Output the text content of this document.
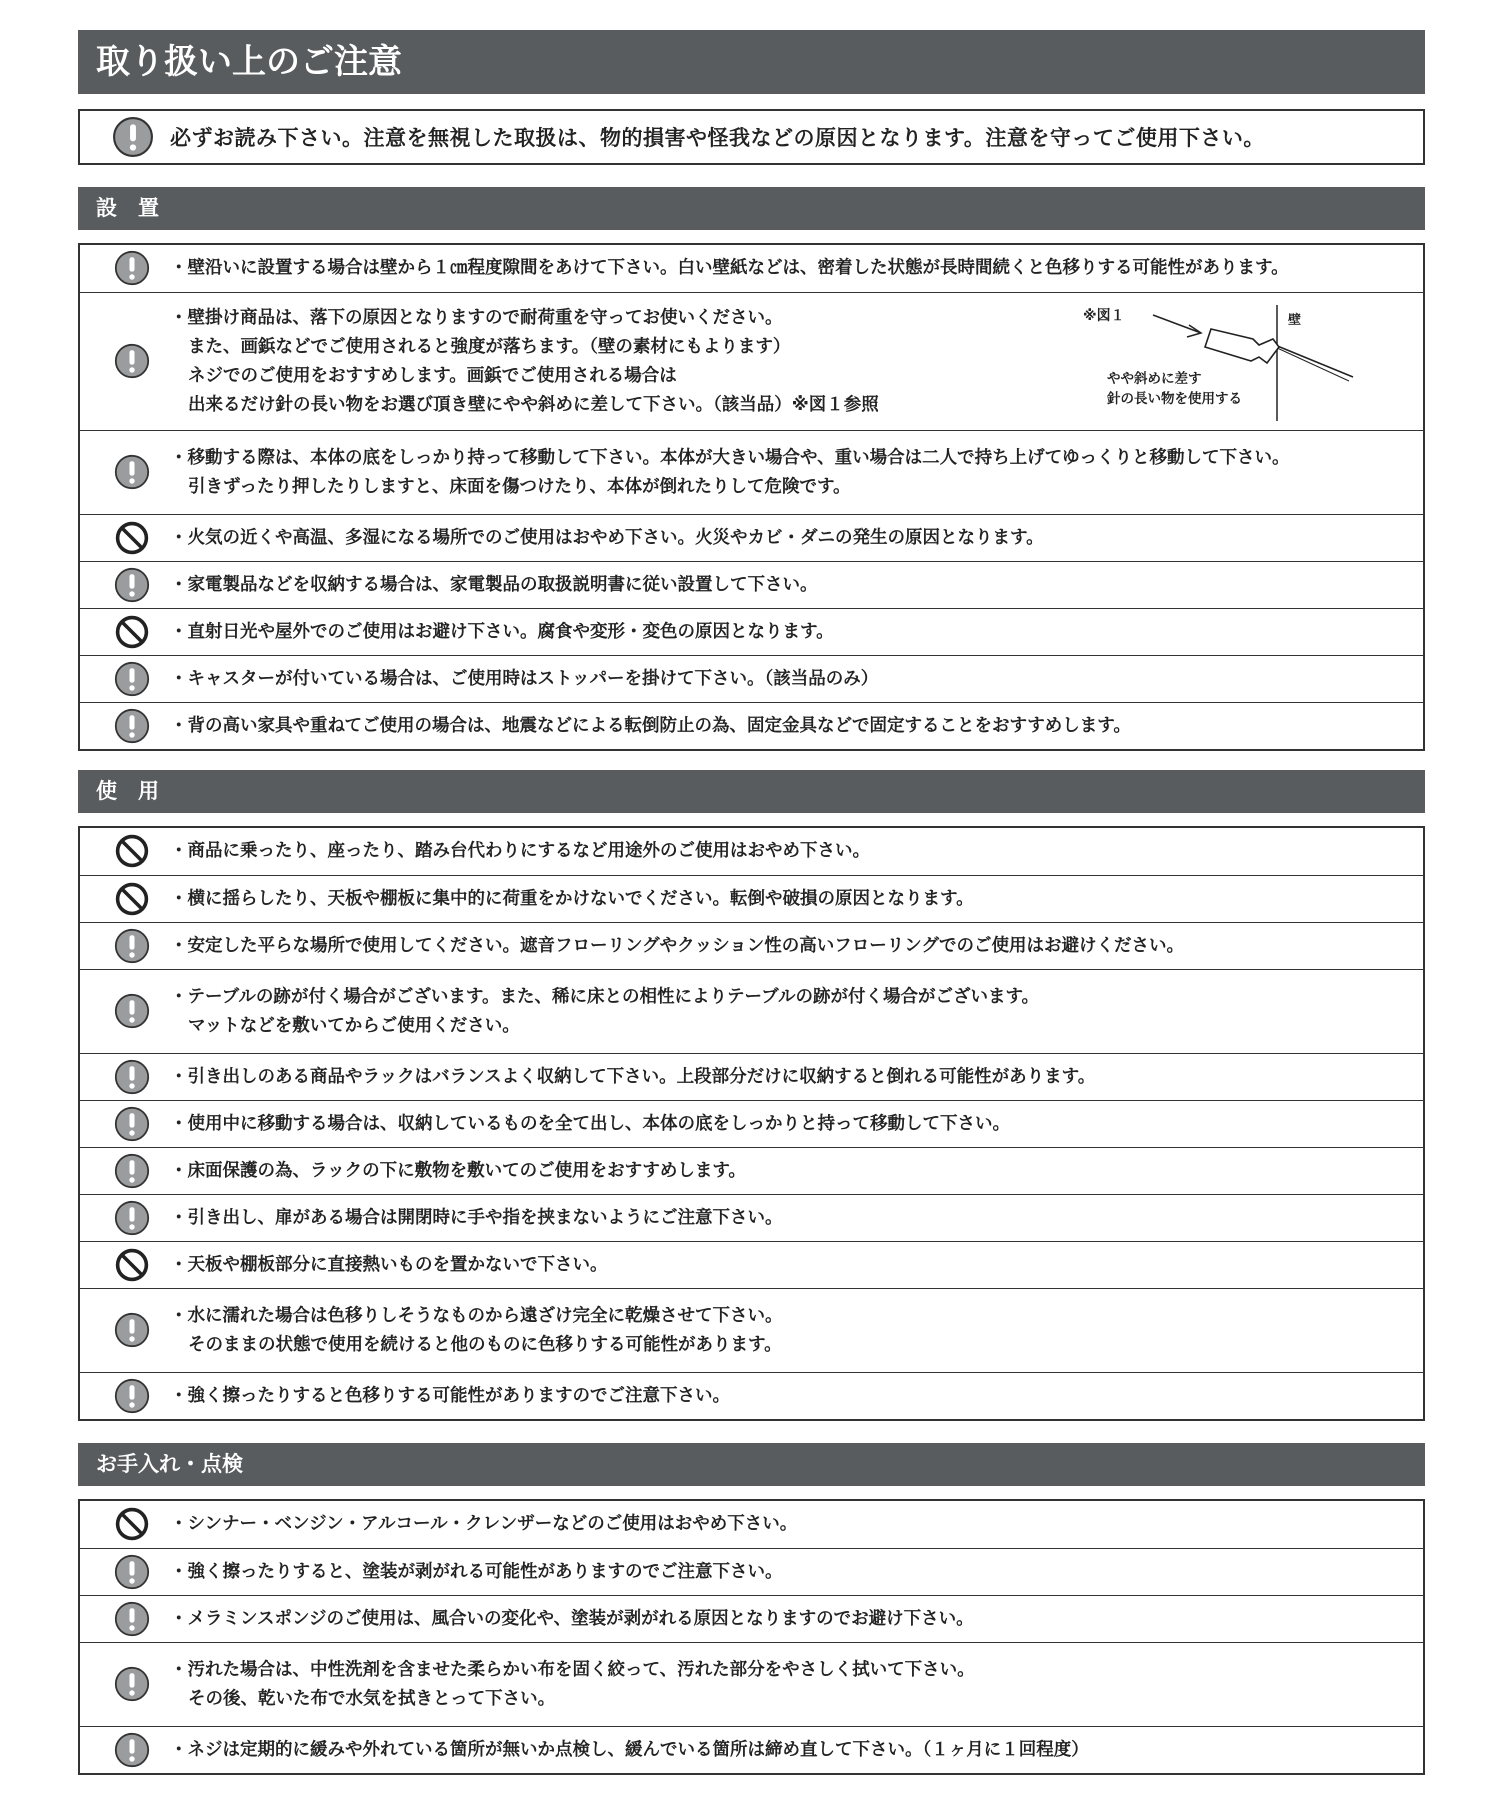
取り扱い上のご注意
必ずお読み下さい。注意を無視した取扱は、物的損害や怪我などの原因となります。注意を守ってご使用下さい。
設　置
・壁沿いに設置する場合は壁から１㎝程度隙間をあけて下さい。白い壁紙などは、密着した状態が長時間続くと色移りする可能性があります。
・壁掛け商品は、落下の原因となりますので耐荷重を守ってお使いください。
また、画鋲などでご使用されると強度が落ちます。（壁の素材にもよります）
ネジでのご使用をおすすめします。画鋲でご使用される場合は
出来るだけ針の長い物をお選び頂き壁にやや斜めに差して下さい。（該当品）※図１参照
※図１	壁
やや斜めに差す
針の長い物を使用する
・移動する際は、本体の底をしっかり持って移動して下さい。本体が大きい場合や、重い場合は二人で持ち上げてゆっくりと移動して下さい。
引きずったり押したりしますと、床面を傷つけたり、本体が倒れたりして危険です。
・火気の近くや高温、多湿になる場所でのご使用はおやめ下さい。火災やカビ・ダニの発生の原因となります。
・家電製品などを収納する場合は、家電製品の取扱説明書に従い設置して下さい。
・直射日光や屋外でのご使用はお避け下さい。腐食や変形・変色の原因となります。
・キャスターが付いている場合は、ご使用時はストッパーを掛けて下さい。（該当品のみ）
・背の高い家具や重ねてご使用の場合は、地震などによる転倒防止の為、固定金具などで固定することをおすすめします。
使　用
・商品に乗ったり、座ったり、踏み台代わりにするなど用途外のご使用はおやめ下さい。
・横に揺らしたり、天板や棚板に集中的に荷重をかけないでください。転倒や破損の原因となります。
・安定した平らな場所で使用してください。遮音フローリングやクッション性の高いフローリングでのご使用はお避けください。
・テーブルの跡が付く場合がございます。また、稀に床との相性によりテーブルの跡が付く場合がございます。
マットなどを敷いてからご使用ください。
・引き出しのある商品やラックはバランスよく収納して下さい。上段部分だけに収納すると倒れる可能性があります。
・使用中に移動する場合は、収納しているものを全て出し、本体の底をしっかりと持って移動して下さい。
・床面保護の為、ラックの下に敷物を敷いてのご使用をおすすめします。
・引き出し、扉がある場合は開閉時に手や指を挟まないようにご注意下さい。
・天板や棚板部分に直接熱いものを置かないで下さい。
・水に濡れた場合は色移りしそうなものから遠ざけ完全に乾燥させて下さい。
そのままの状態で使用を続けると他のものに色移りする可能性があります。
・強く擦ったりすると色移りする可能性がありますのでご注意下さい。
お手入れ・点検
・シンナー・ベンジン・アルコール・クレンザーなどのご使用はおやめ下さい。
・強く擦ったりすると、塗装が剥がれる可能性がありますのでご注意下さい。
・メラミンスポンジのご使用は、風合いの変化や、塗装が剥がれる原因となりますのでお避け下さい。
・汚れた場合は、中性洗剤を含ませた柔らかい布を固く絞って、汚れた部分をやさしく拭いて下さい。
その後、乾いた布で水気を拭きとって下さい。
・ネジは定期的に緩みや外れている箇所が無いか点検し、緩んでいる箇所は締め直して下さい。（１ヶ月に１回程度）
